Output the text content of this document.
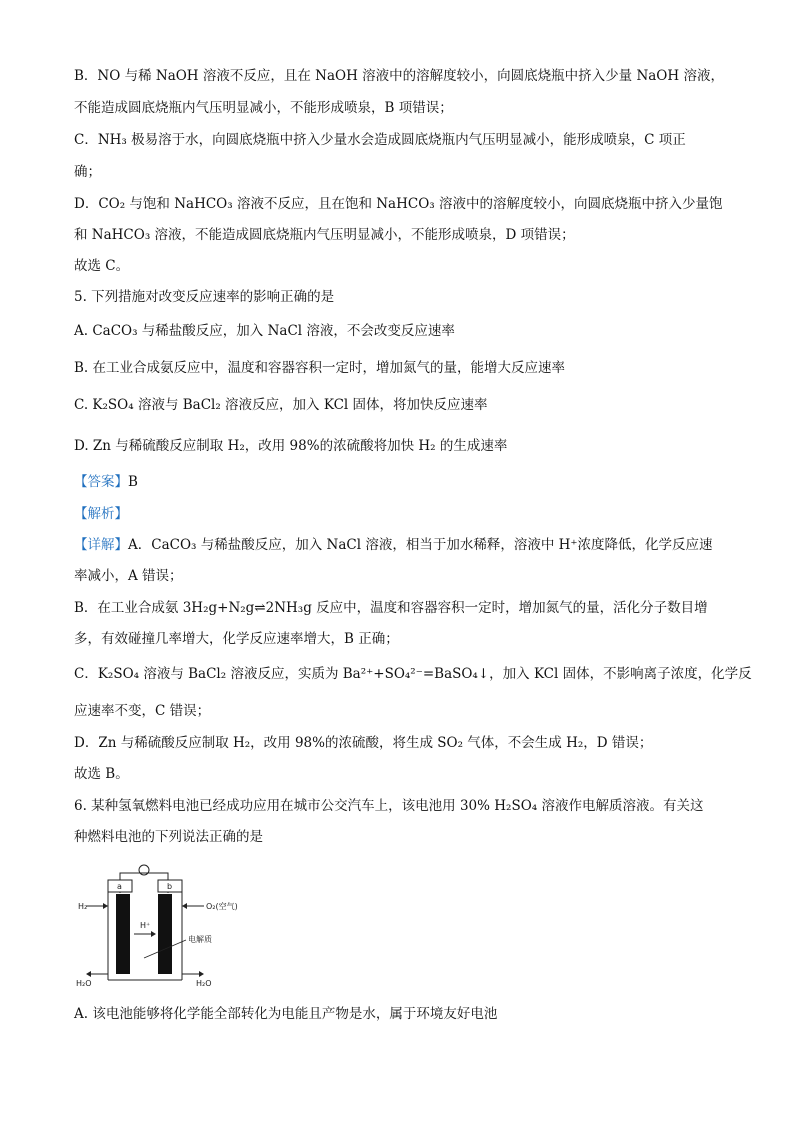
B．NO 与稀 NaOH 溶液不反应，且在 NaOH 溶液中的溶解度较小，向圆底烧瓶中挤入少量 NaOH 溶液，
不能造成圆底烧瓶内气压明显减小，不能形成喷泉，B 项错误；
C．NH₃ 极易溶于水，向圆底烧瓶中挤入少量水会造成圆底烧瓶内气压明显减小，能形成喷泉，C 项正
确；
D．CO₂ 与饱和 NaHCO₃ 溶液不反应，且在饱和 NaHCO₃ 溶液中的溶解度较小，向圆底烧瓶中挤入少量饱
和 NaHCO₃ 溶液，不能造成圆底烧瓶内气压明显减小，不能形成喷泉，D 项错误；
故选 C。
5. 下列措施对改变反应速率的影响正确的是
A. CaCO₃ 与稀盐酸反应，加入 NaCl 溶液，不会改变反应速率
B. 在工业合成氨反应中，温度和容器容积一定时，增加氮气的量，能增大反应速率
C. K₂SO₄ 溶液与 BaCl₂ 溶液反应，加入 KCl 固体，将加快反应速率
D. Zn 与稀硫酸反应制取 H₂，改用 98%的浓硫酸将加快 H₂ 的生成速率
【答案】B
【解析】
【详解】A．CaCO₃ 与稀盐酸反应，加入 NaCl 溶液，相当于加水稀释，溶液中 H⁺浓度降低，化学反应速
率减小，A 错误；
B．在工业合成氨 3H₂g+N₂g⇌2NH₃g 反应中，温度和容器容积一定时，增加氮气的量，活化分子数目增
多，有效碰撞几率增大，化学反应速率增大，B 正确；
C．K₂SO₄ 溶液与 BaCl₂ 溶液反应，实质为 Ba²⁺+SO₄²⁻=BaSO₄↓，加入 KCl 固体，不影响离子浓度，化学反
应速率不变，C 错误；
D．Zn 与稀硫酸反应制取 H₂，改用 98%的浓硫酸，将生成 SO₂ 气体，不会生成 H₂，D 错误；
故选 B。
6. 某种氢氧燃料电池已经成功应用在城市公交汽车上，该电池用 30% H₂SO₄ 溶液作电解质溶液。有关这
种燃料电池的下列说法正确的是
a	b
H₂	O₂(空气)
H⁺
电解质
H₂O	H₂O
A. 该电池能够将化学能全部转化为电能且产物是水，属于环境友好电池
